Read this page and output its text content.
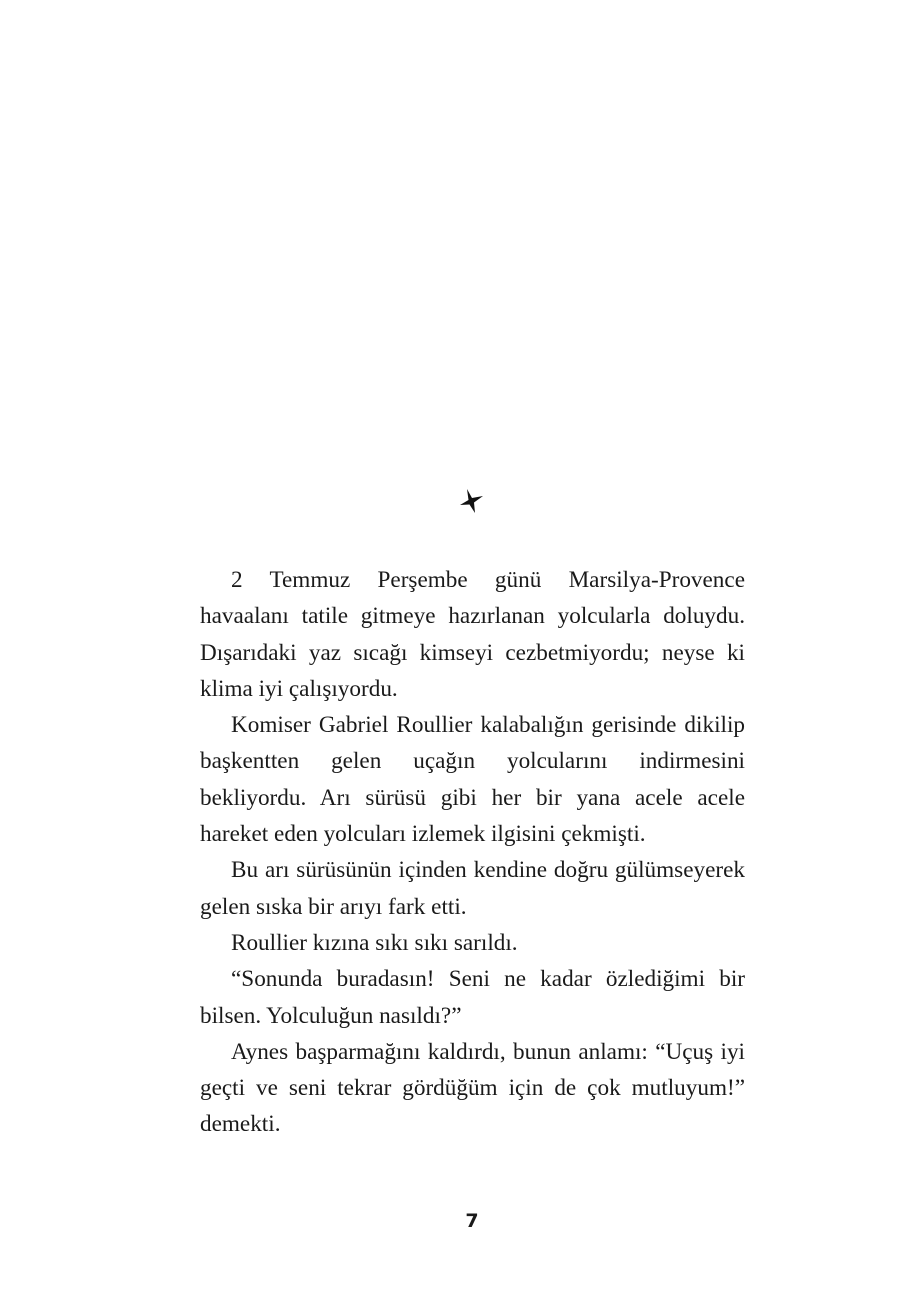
2 Temmuz Perşembe günü Marsilya-Provence havaalanı tatile gitmeye hazırlanan yolcularla doluydu. Dışarıdaki yaz sıcağı kimseyi cezbetmiyordu; neyse ki klima iyi çalışıyordu.

Komiser Gabriel Roullier kalabalığın gerisinde dikilip başkentten gelen uçağın yolcularını indirmesini bekliyordu. Arı sürüsü gibi her bir yana acele acele hareket eden yolcuları izlemek ilgisini çekmişti.

Bu arı sürüsünün içinden kendine doğru gülümseyerek gelen sıska bir arıyı fark etti.

Roullier kızına sıkı sıkı sarıldı.

“Sonunda buradasın! Seni ne kadar özlediğimi bir bilsen. Yolculuğun nasıldı?”

Aynes başparmağını kaldırdı, bunun anlamı: “Uçuş iyi geçti ve seni tekrar gördüğüm için de çok mutluyum!” demekti.

7
